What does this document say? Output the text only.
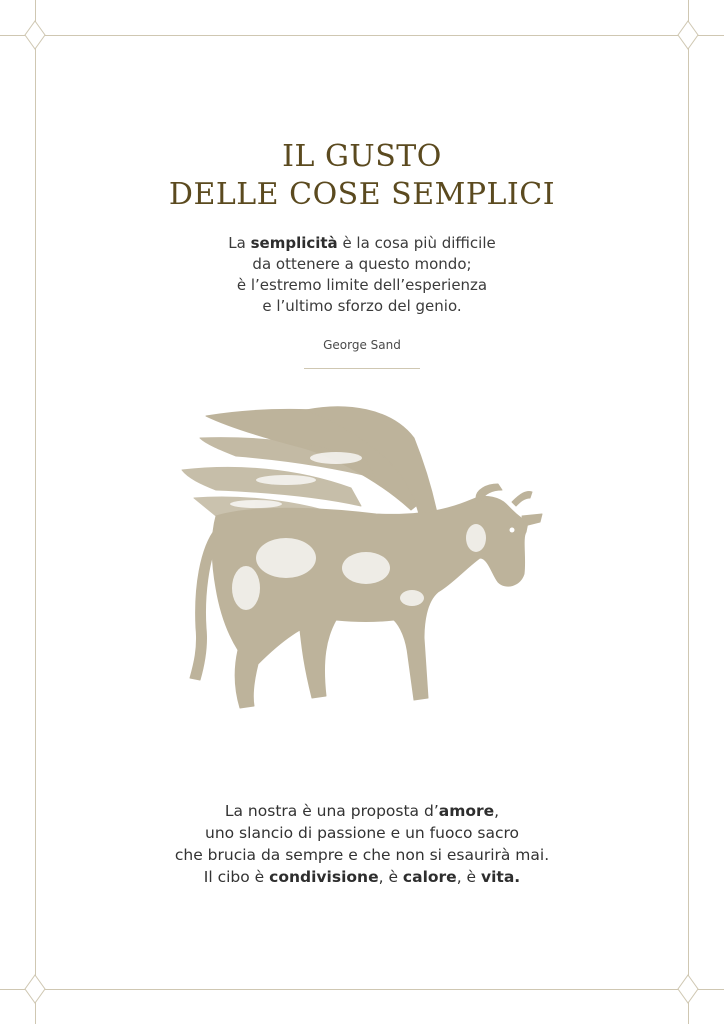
IL GUSTO
DELLE COSE SEMPLICI
La semplicità è la cosa più difficile
da ottenere a questo mondo;
è l’estremo limite dell’esperienza
e l’ultimo sforzo del genio.
George Sand
La nostra è una proposta d’amore,
uno slancio di passione e un fuoco sacro
che brucia da sempre e che non si esaurirà mai.
Il cibo è condivisione, è calore, è vita.
